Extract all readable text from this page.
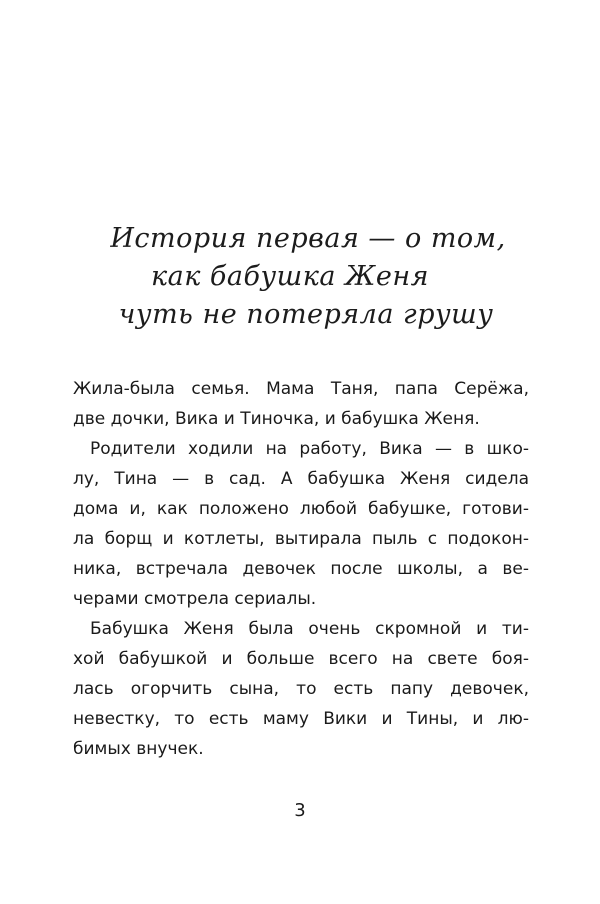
История первая — о том,
как бабушка Женя
чуть не потеряла грушу
Жила-была семья. Мама Таня, папа Серёжа,
две дочки, Вика и Тиночка, и бабушка Женя.
Родители ходили на работу, Вика — в шко-
лу, Тина — в сад. А бабушка Женя сидела
дома и, как положено любой бабушке, готови-
ла борщ и котлеты, вытирала пыль с подокон-
ника, встречала девочек после школы, а ве-
черами смотрела сериалы.
Бабушка Женя была очень скромной и ти-
хой бабушкой и больше всего на свете боя-
лась огорчить сына, то есть папу девочек,
невестку, то есть маму Вики и Тины, и лю-
бимых внучек.
3
